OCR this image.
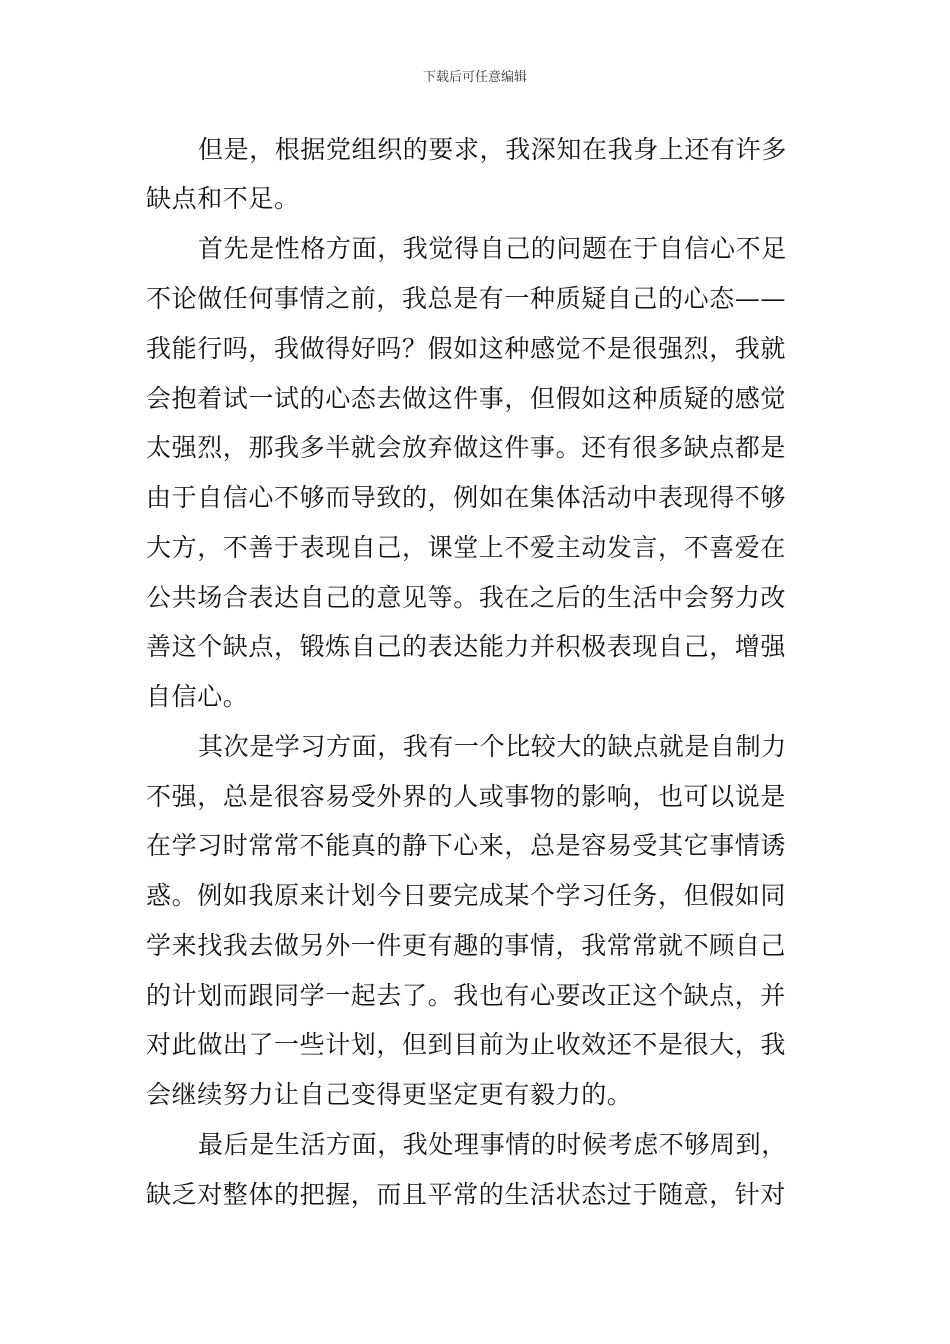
下载后可任意编辑
但是，根据党组织的要求，我深知在我身上还有许多
缺点和不足。
首先是性格方面，我觉得自己的问题在于自信心不足
不论做任何事情之前，我总是有一种质疑自己的心态——
我能行吗，我做得好吗？假如这种感觉不是很强烈，我就
会抱着试一试的心态去做这件事，但假如这种质疑的感觉
太强烈，那我多半就会放弃做这件事。还有很多缺点都是
由于自信心不够而导致的，例如在集体活动中表现得不够
大方，不善于表现自己，课堂上不爱主动发言，不喜爱在
公共场合表达自己的意见等。我在之后的生活中会努力改
善这个缺点，锻炼自己的表达能力并积极表现自己，增强
自信心。
其次是学习方面，我有一个比较大的缺点就是自制力
不强，总是很容易受外界的人或事物的影响，也可以说是
在学习时常常不能真的静下心来，总是容易受其它事情诱
惑。例如我原来计划今日要完成某个学习任务，但假如同
学来找我去做另外一件更有趣的事情，我常常就不顾自己
的计划而跟同学一起去了。我也有心要改正这个缺点，并
对此做出了一些计划，但到目前为止收效还不是很大，我
会继续努力让自己变得更坚定更有毅力的。
最后是生活方面，我处理事情的时候考虑不够周到，
缺乏对整体的把握，而且平常的生活状态过于随意，针对
